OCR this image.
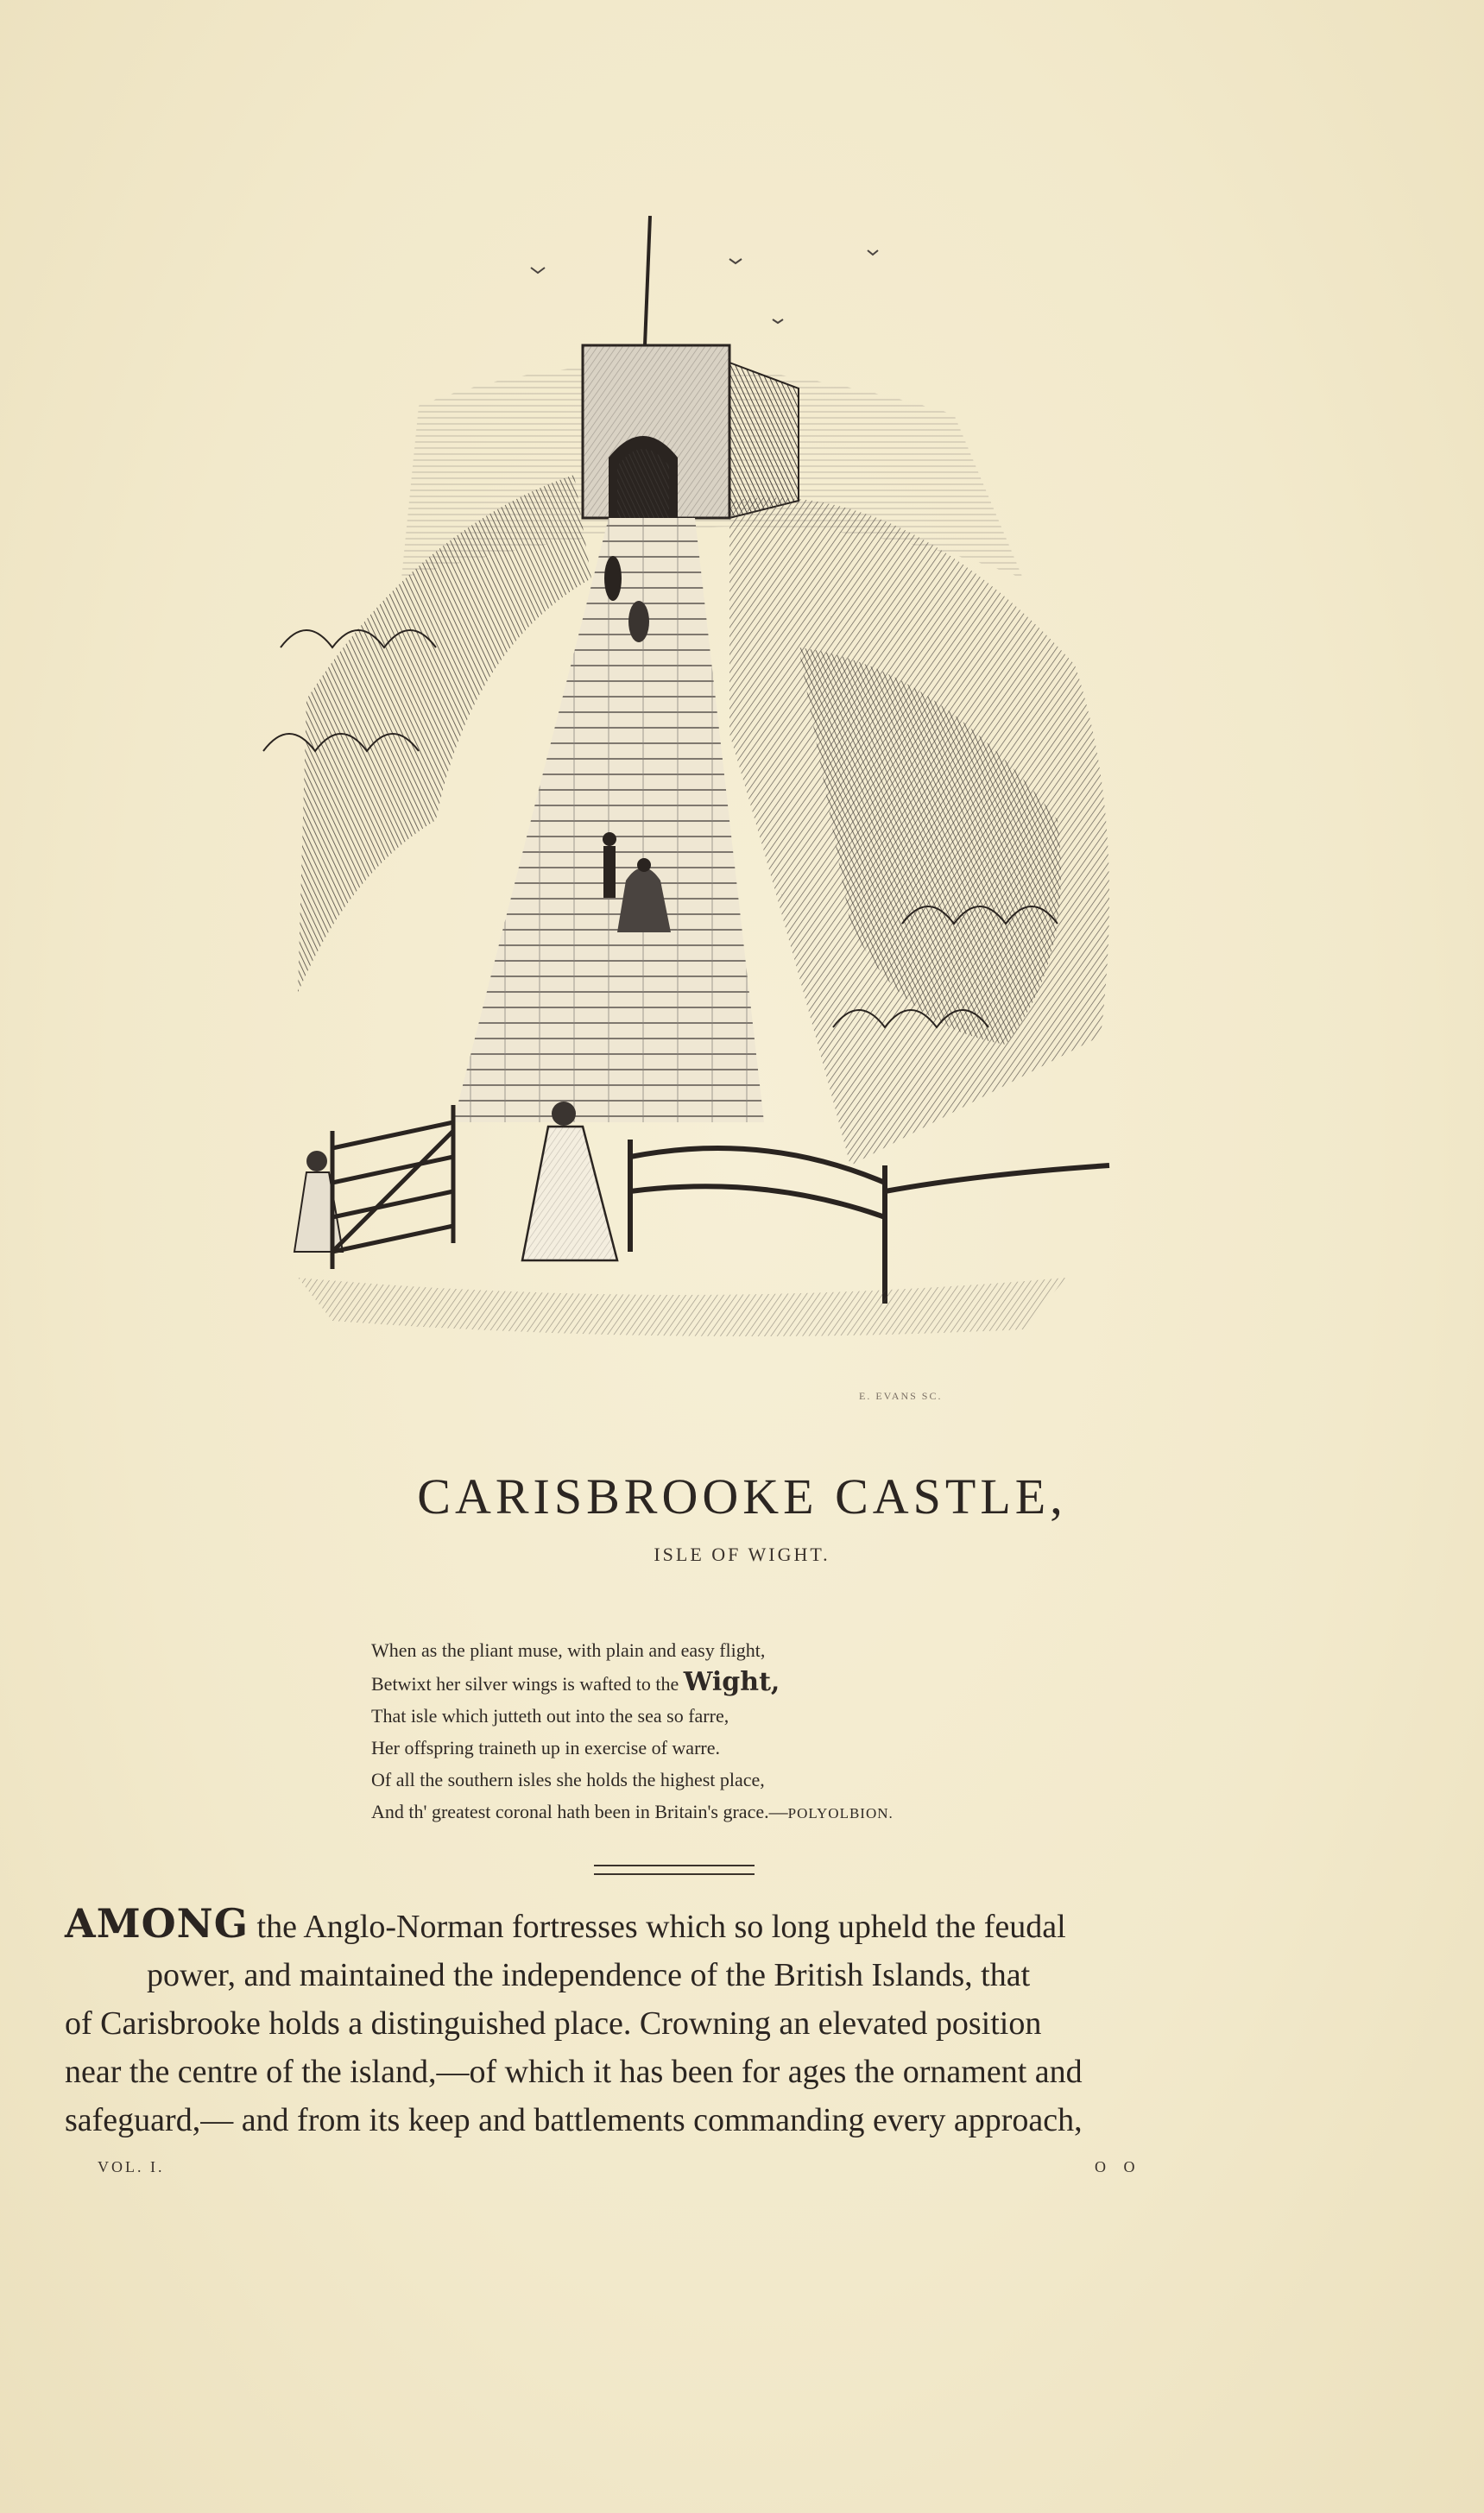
E. EVANS SC.
CARISBROOKE CASTLE,
ISLE OF WIGHT.
When as the pliant muse, with plain and easy flight,
Betwixt her silver wings is wafted to the Wight,
That isle which jutteth out into the sea so farre,
Her offspring traineth up in exercise of warre.
Of all the southern isles she holds the highest place,
And th' greatest coronal hath been in Britain's grace.—POLYOLBION.
AMONG the Anglo-Norman fortresses which so long upheld the feudal
power, and maintained the independence of the British Islands, that
of Carisbrooke holds a distinguished place. Crowning an elevated position
near the centre of the island,—of which it has been for ages the ornament and
safeguard,— and from its keep and battlements commanding every approach,
VOL. I.	O O
